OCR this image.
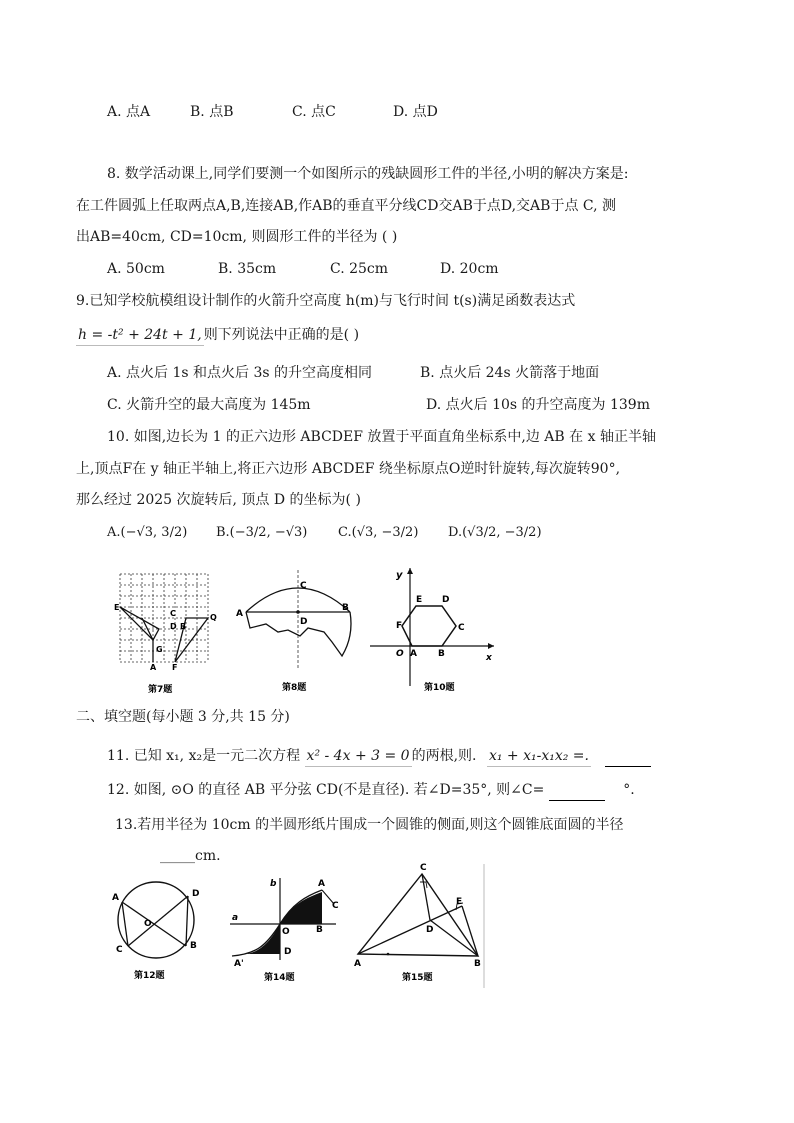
A. 点A	B. 点B	C. 点C	D. 点D
8. 数学活动课上,同学们要测一个如图所示的残缺圆形工件的半径,小明的解决方案是:
在工件圆弧上任取两点A,B,连接AB,作AB的垂直平分线CD交AB于点D,交AB于点 C, 测
出AB=40cm, CD=10cm, 则圆形工件的半径为 ( )
A. 50cm	B. 35cm	C. 25cm	D. 20cm
9.已知学校航模组设计制作的火箭升空高度 h(m)与飞行时间 t(s)满足函数表达式
h = -t² + 24t + 1, 则下列说法中正确的是( )
A. 点火后 1s 和点火后 3s 的升空高度相同	B. 点火后 24s 火箭落于地面
C. 火箭升空的最大高度为 145m	D. 点火后 10s 的升空高度为 139m
10. 如图,边长为 1 的正六边形 ABCDEF 放置于平面直角坐标系中,边 AB 在 x 轴正半轴
上,顶点F在 y 轴正半轴上,将正六边形 ABCDEF 绕坐标原点O逆时针旋转,每次旋转90°,
那么经过 2025 次旋转后, 顶点 D 的坐标为( )
A.(−√3, 3/2) B.(−3/2, −√3) C.(√3, −3/2) D.(√3/2, −3/2)
E
C
D
G
A
B
F
Q
第7题
C
A
B
D
第8题
y
E D
F	C
O A B	x
第10题
二、填空题(每小题 3 分,共 15 分)
11. 已知 x₁, x₂是一元二次方程 x² - 4x + 3 = 0 的两根,则. x₁ + x₁-x₁x₂ =.
12. 如图, ⊙O 的直径 AB 平分弦 CD(不是直径). 若∠D=35°, 则∠C=	°.
13.若用半径为 10cm 的半圆形纸片围成一个圆锥的侧面,则这个圆锥底面圆的半径
_____cm.
A	D
O
B
C
第12题
b	A
C
a
B
O
D
A'
第14题
C
E
D
A	B
第15题
